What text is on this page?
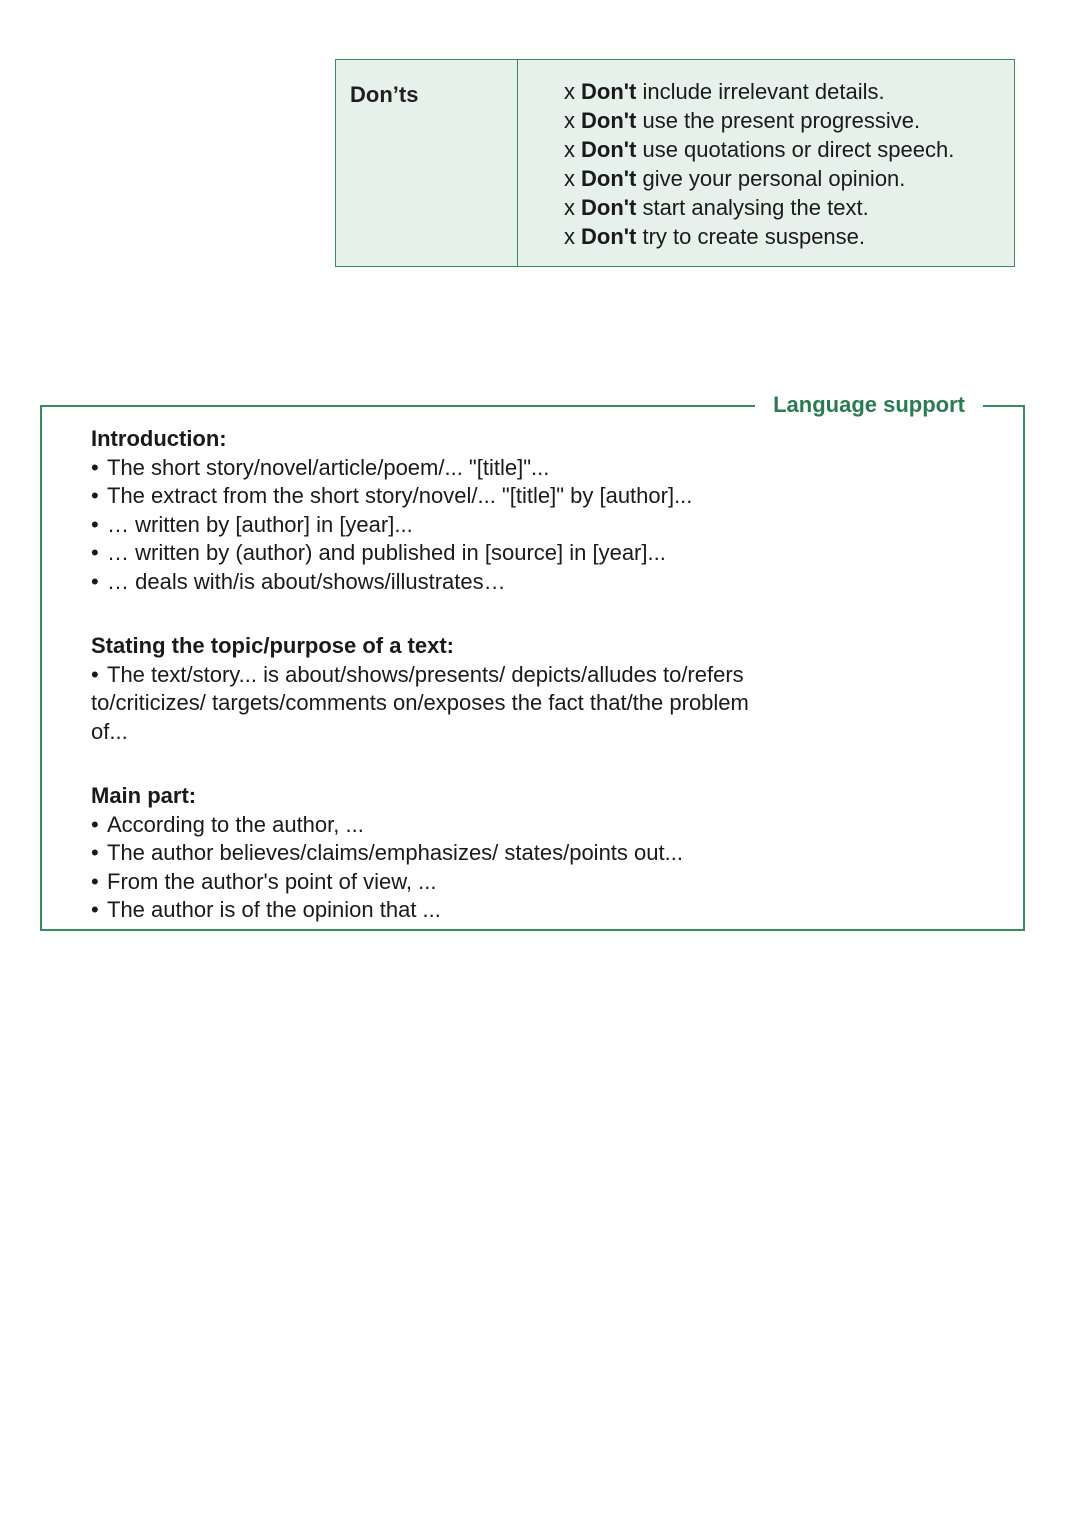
Don’ts	x Don't include irrelevant details.
x Don't use the present progressive.
x Don't use quotations or direct speech.
x Don't give your personal opinion.
x Don't start analysing the text.
x Don't try to create suspense.
Language support
Introduction:
• The short story/novel/article/poem/... "[title]"...
• The extract from the short story/novel/... "[title]" by [author]...
• … written by [author] in [year]...
• … written by (author) and published in [source] in [year]...
• … deals with/is about/shows/illustrates…
Stating the topic/purpose of a text:
• The text/story... is about/shows/presents/ depicts/alludes to/refers to/criticizes/ targets/comments on/exposes the fact that/the problem of...
Main part:
• According to the author, ...
• The author believes/claims/emphasizes/ states/points out...
• From the author's point of view, ...
• The author is of the opinion that ...
